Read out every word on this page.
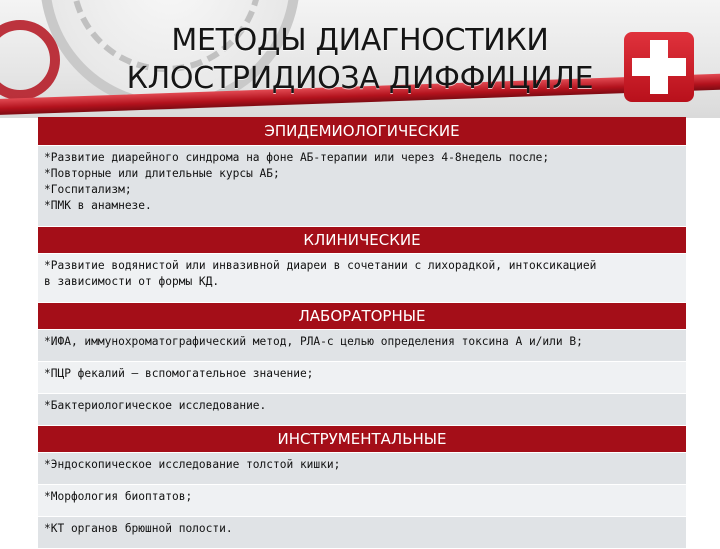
МЕТОДЫ ДИАГНОСТИКИ
КЛОСТРИДИОЗА ДИФФИЦИЛЕ
ЭПИДЕМИОЛОГИЧЕСКИЕ
*Развитие диарейного синдрома на фоне АБ-терапии или через 4-8недель после;
*Повторные или длительные курсы АБ;
*Госпитализм;
*ПМК в анамнезе.
КЛИНИЧЕСКИЕ
*Развитие водянистой или инвазивной диареи в сочетании с лихорадкой, интоксикацией
в зависимости от формы КД.
ЛАБОРАТОРНЫЕ
*ИФА, иммунохроматографический метод, РЛА-с целью определения токсина А и/или В;
*ПЦР фекалий – вспомогательное значение;
*Бактериологическое исследование.
ИНСТРУМЕНТАЛЬНЫЕ
*Эндоскопическое исследование толстой кишки;
*Морфология биоптатов;
*КТ органов брюшной полости.
